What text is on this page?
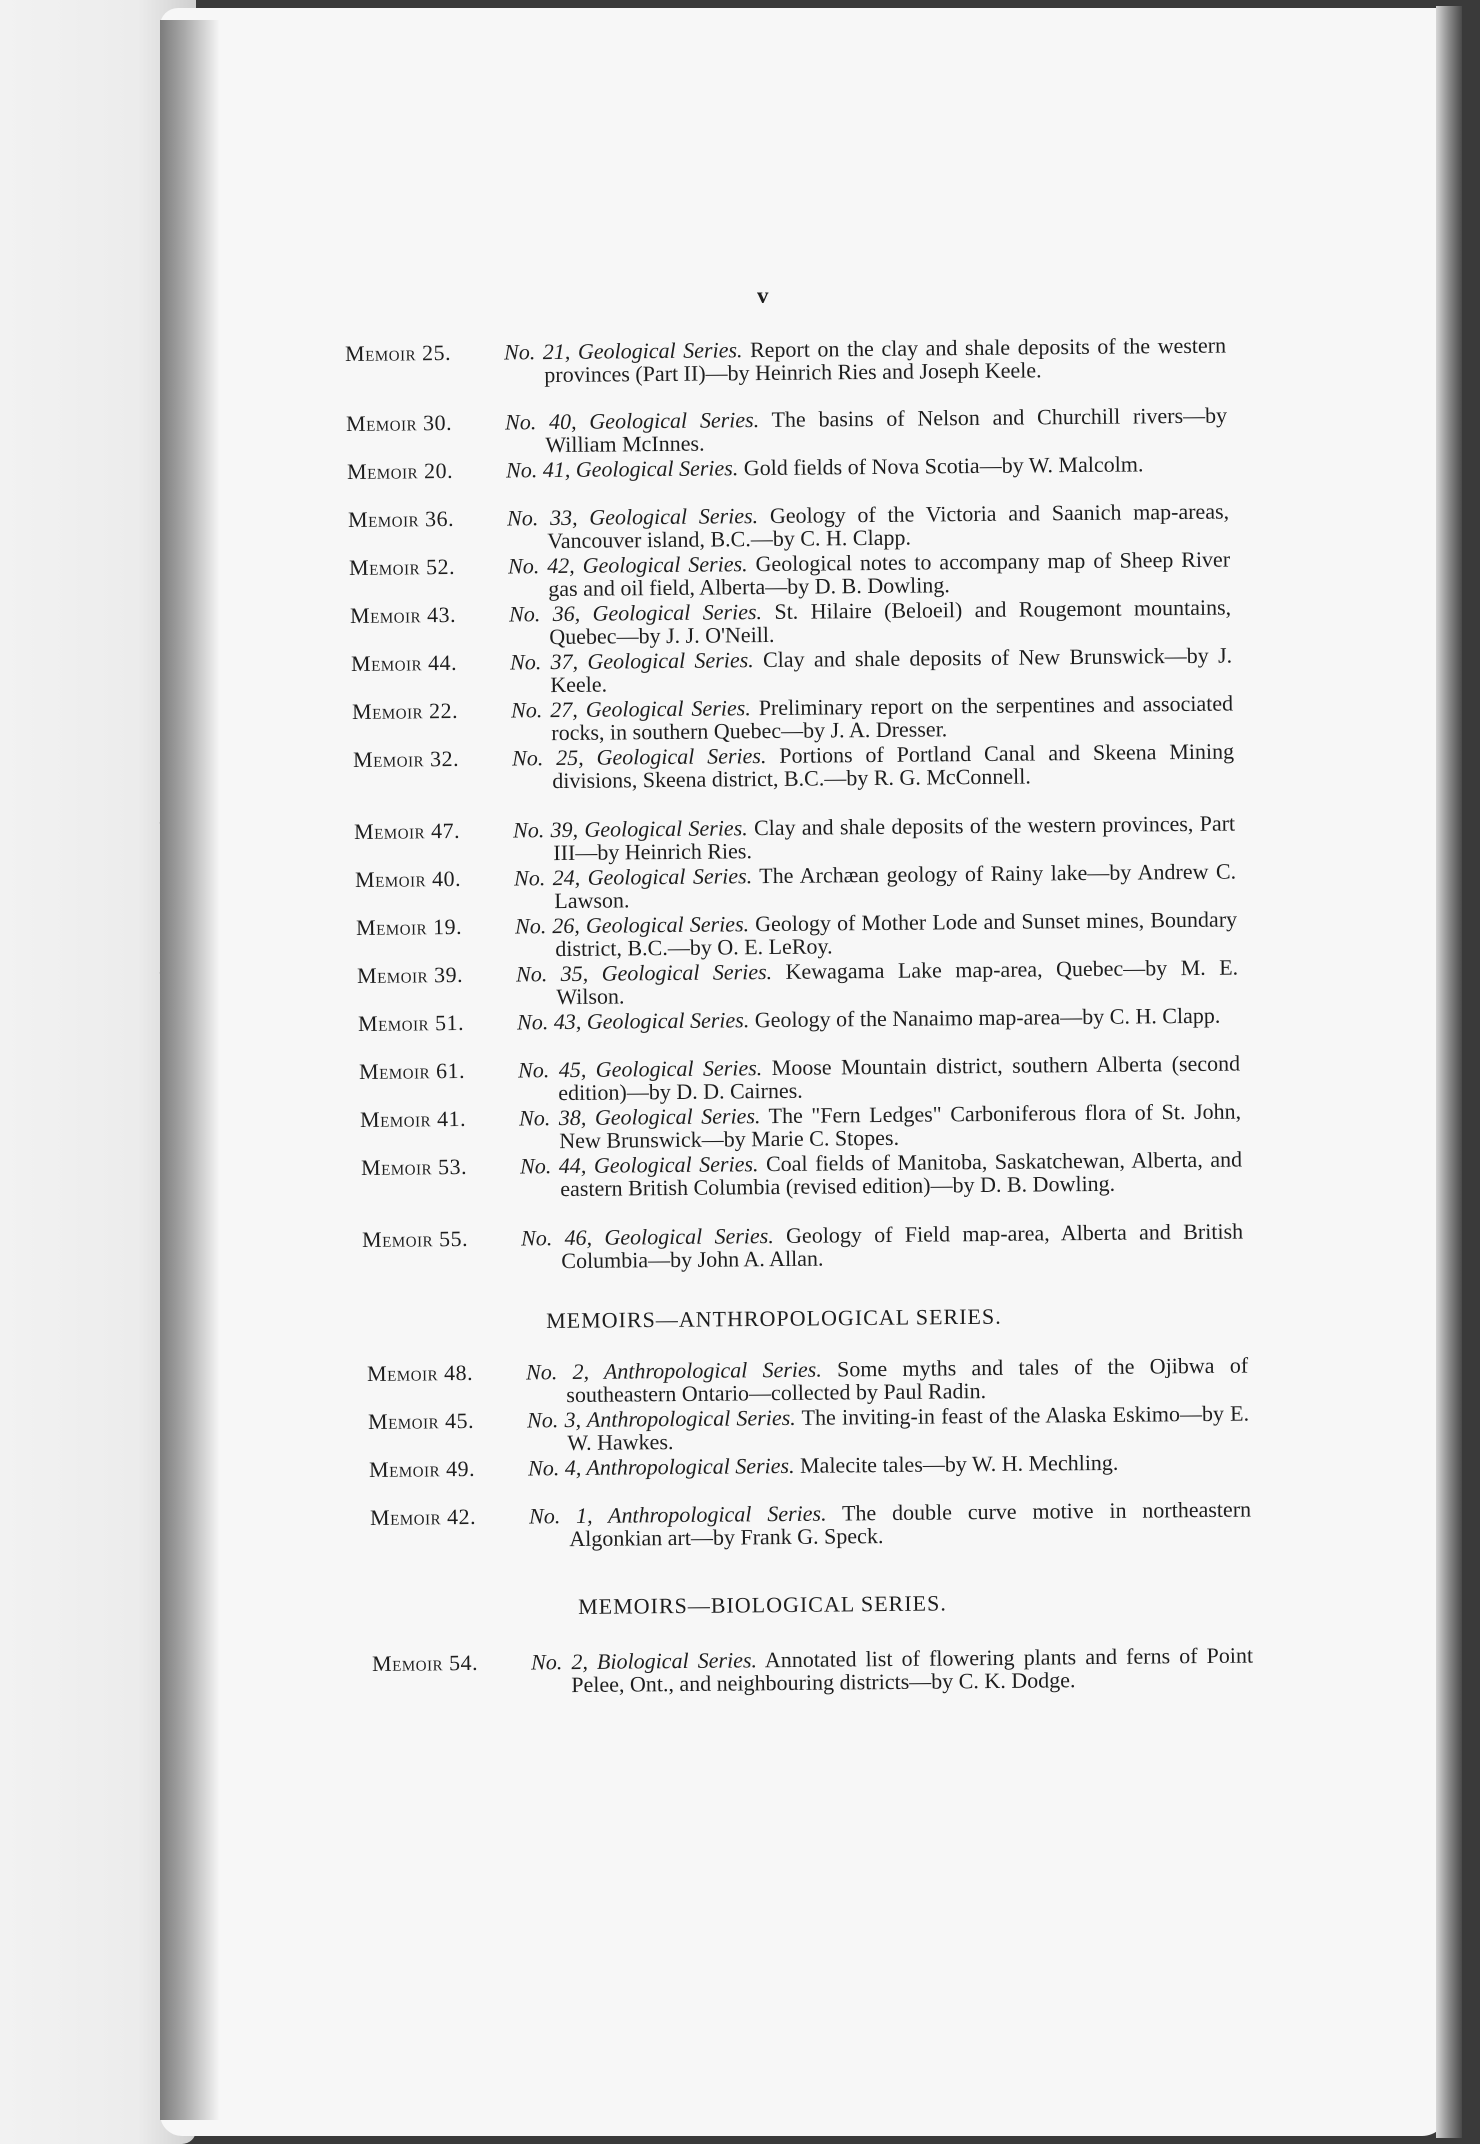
v
Memoir 25.	No. 21, Geological Series. Report on the clay and shale deposits of the western provinces (Part II)—by Heinrich Ries and Joseph Keele.
Memoir 30.	No. 40, Geological Series. The basins of Nelson and Churchill rivers—by William McInnes.
Memoir 20.	No. 41, Geological Series. Gold fields of Nova Scotia—by W. Malcolm.
Memoir 36.	No. 33, Geological Series. Geology of the Victoria and Saanich map-areas, Vancouver island, B.C.—by C. H. Clapp.
Memoir 52.	No. 42, Geological Series. Geological notes to accompany map of Sheep River gas and oil field, Alberta—by D. B. Dowling.
Memoir 43.	No. 36, Geological Series. St. Hilaire (Beloeil) and Rougemont mountains, Quebec—by J. J. O'Neill.
Memoir 44.	No. 37, Geological Series. Clay and shale deposits of New Brunswick—by J. Keele.
Memoir 22.	No. 27, Geological Series. Preliminary report on the serpentines and associated rocks, in southern Quebec—by J. A. Dresser.
Memoir 32.	No. 25, Geological Series. Portions of Portland Canal and Skeena Mining divisions, Skeena district, B.C.—by R. G. McConnell.
Memoir 47.	No. 39, Geological Series. Clay and shale deposits of the western provinces, Part III—by Heinrich Ries.
Memoir 40.	No. 24, Geological Series. The Archæan geology of Rainy lake—by Andrew C. Lawson.
Memoir 19.	No. 26, Geological Series. Geology of Mother Lode and Sunset mines, Boundary district, B.C.—by O. E. LeRoy.
Memoir 39.	No. 35, Geological Series. Kewagama Lake map-area, Quebec—by M. E. Wilson.
Memoir 51.	No. 43, Geological Series. Geology of the Nanaimo map-area—by C. H. Clapp.
Memoir 61.	No. 45, Geological Series. Moose Mountain district, southern Alberta (second edition)—by D. D. Cairnes.
Memoir 41.	No. 38, Geological Series. The "Fern Ledges" Carboniferous flora of St. John, New Brunswick—by Marie C. Stopes.
Memoir 53.	No. 44, Geological Series. Coal fields of Manitoba, Saskatchewan, Alberta, and eastern British Columbia (revised edition)—by D. B. Dowling.
Memoir 55.	No. 46, Geological Series. Geology of Field map-area, Alberta and British Columbia—by John A. Allan.
MEMOIRS—ANTHROPOLOGICAL SERIES.
Memoir 48.	No. 2, Anthropological Series. Some myths and tales of the Ojibwa of southeastern Ontario—collected by Paul Radin.
Memoir 45.	No. 3, Anthropological Series. The inviting-in feast of the Alaska Eskimo—by E. W. Hawkes.
Memoir 49.	No. 4, Anthropological Series. Malecite tales—by W. H. Mechling.
Memoir 42.	No. 1, Anthropological Series. The double curve motive in northeastern Algonkian art—by Frank G. Speck.
MEMOIRS—BIOLOGICAL SERIES.
Memoir 54.	No. 2, Biological Series. Annotated list of flowering plants and ferns of Point Pelee, Ont., and neighbouring districts—by C. K. Dodge.
